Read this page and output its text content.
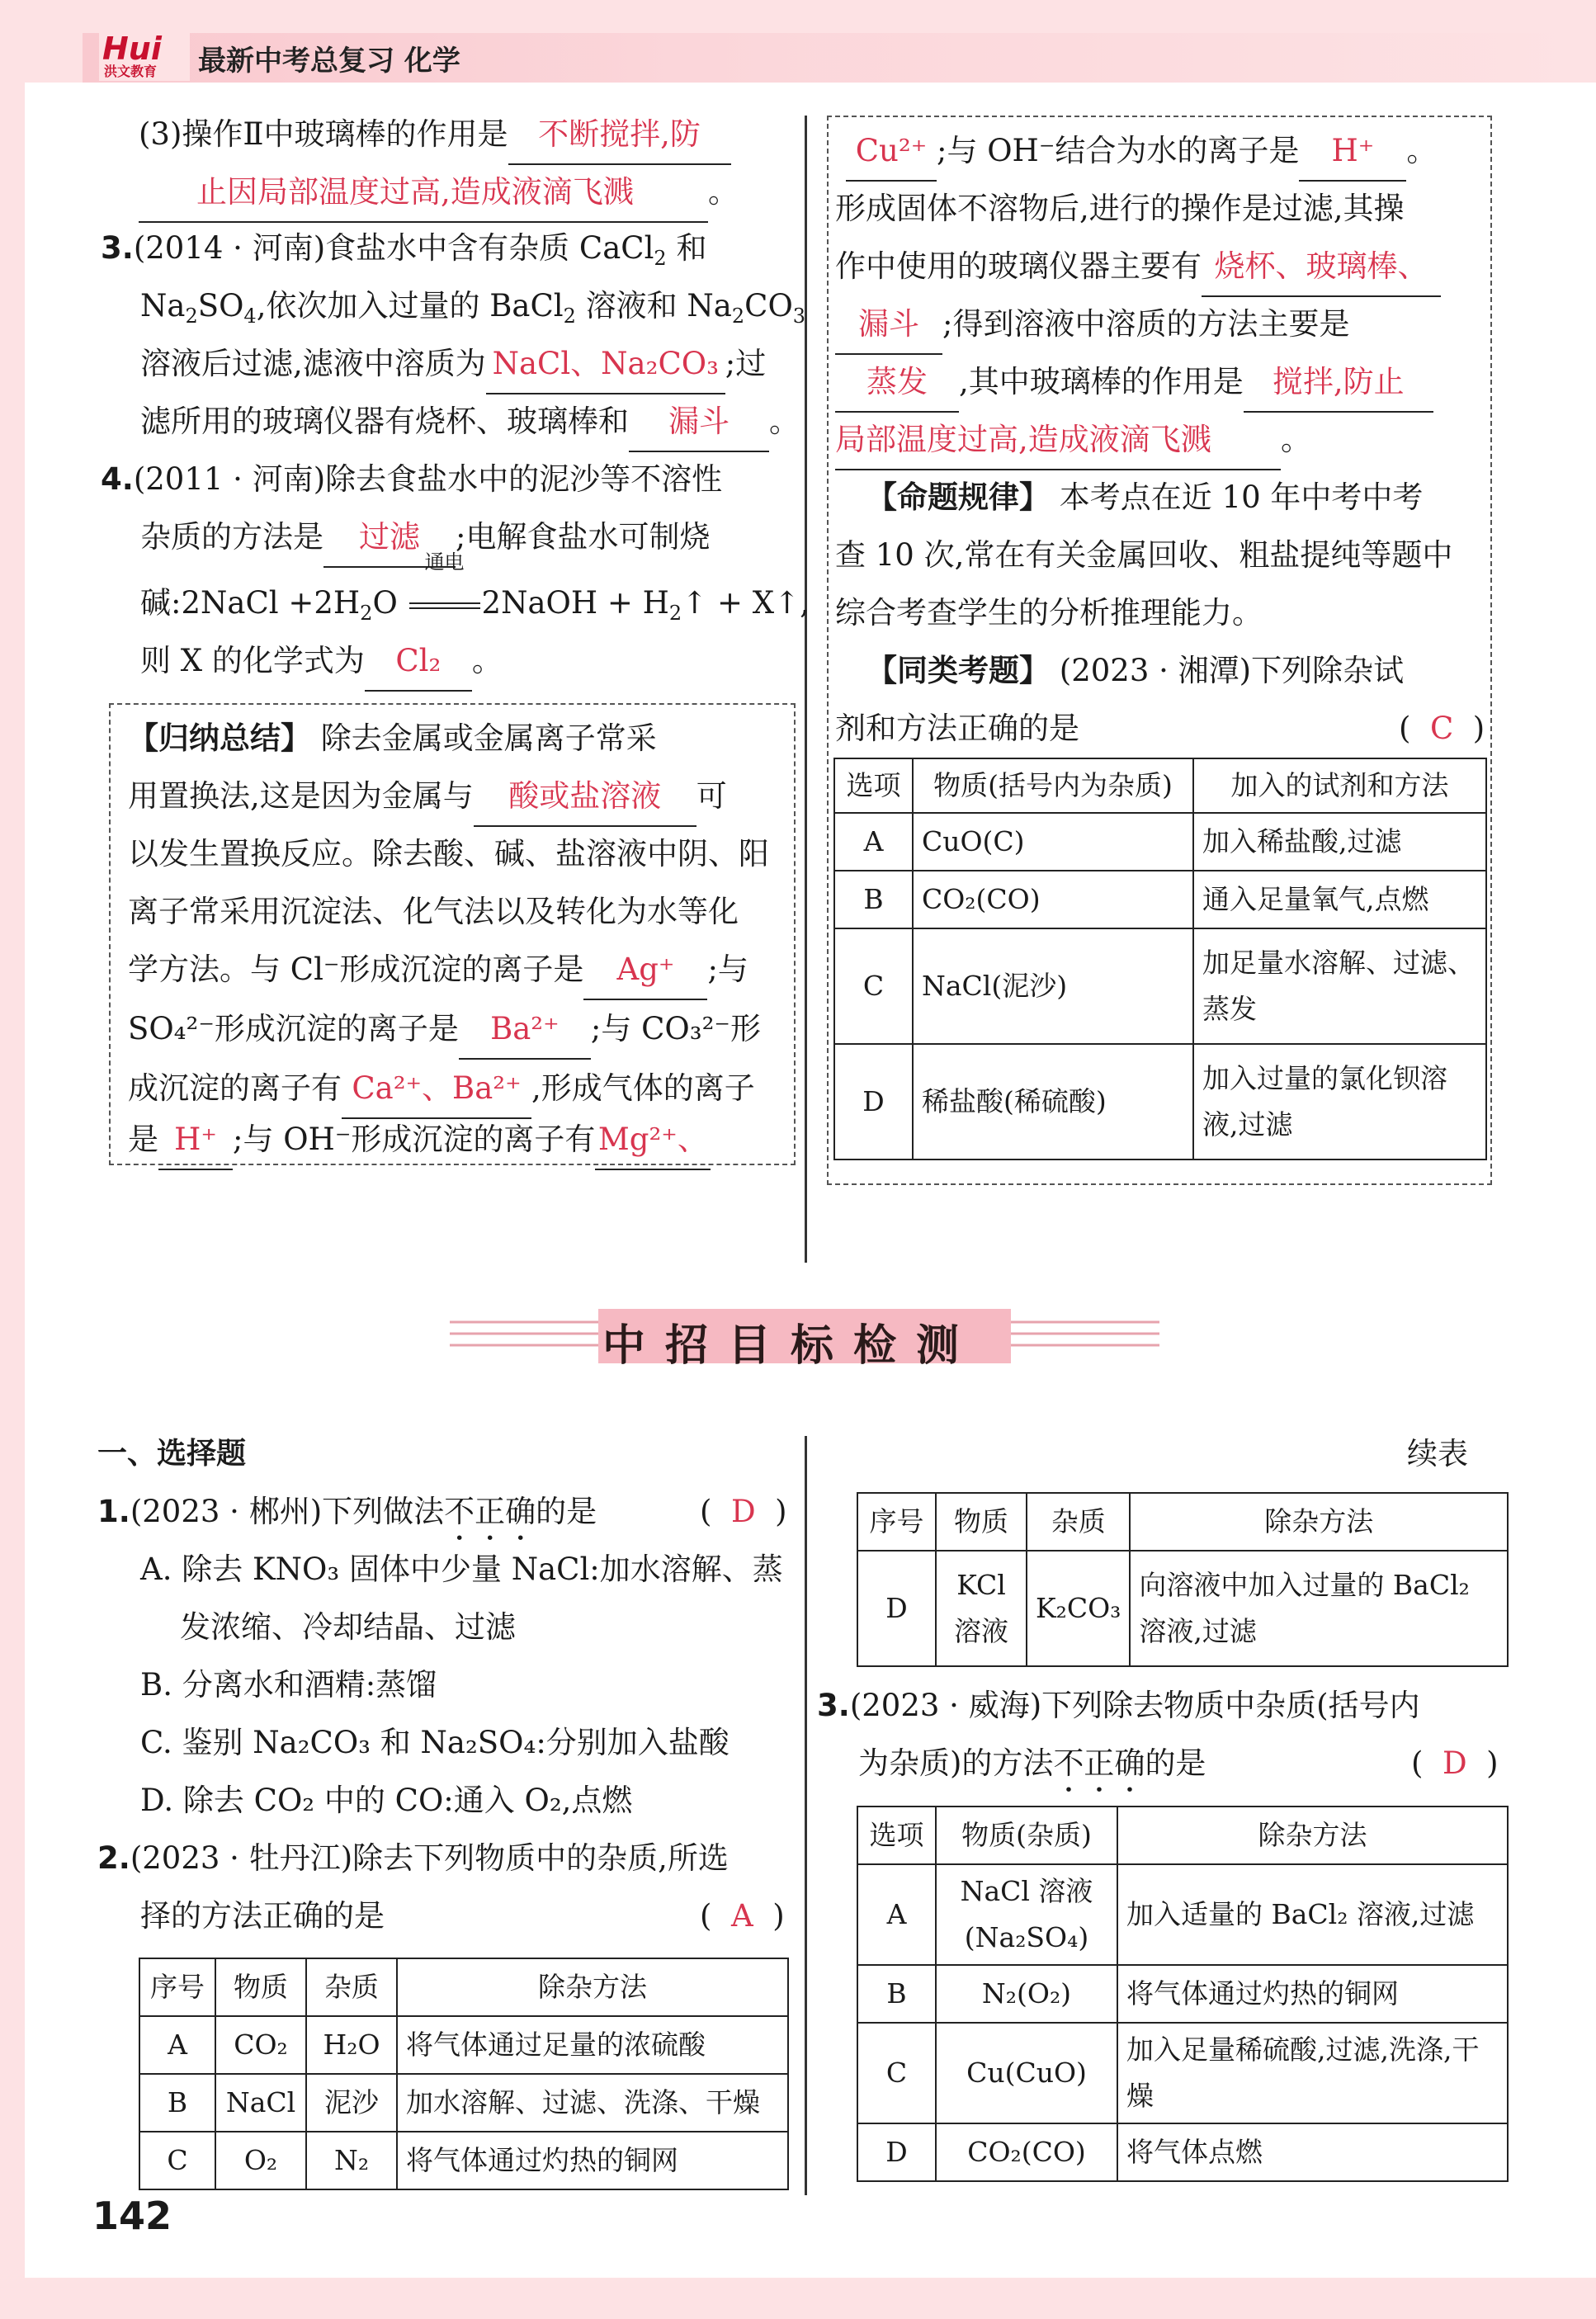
Hui
洪文教育 最新中考总复习 化学
(3)操作Ⅱ中玻璃棒的作用是 不断搅拌,防
止因局部温度过高,造成液滴飞溅 。
3.(2014 · 河南)食盐水中含有杂质 CaCl$_2$ 和
$Na_2SO_4$,依次加入过量的 BaCl$_2$ 溶液和 $Na_2CO_3$
溶液后过滤,滤液中溶质为 NaCl、Na₂CO₃ ;过
滤所用的玻璃仪器有烧杯、玻璃棒和 漏斗 。
4.(2011 · 河南)除去食盐水中的泥沙等不溶性
杂质的方法是 过滤 ;电解食盐水可制烧
碱:2NaCl $+2H_2O$
通电
2NaOH + $H_2↑$ + X↑,
则 X 的化学式为 Cl₂ 。
【归纳总结】 除去金属或金属离子常采
用置换法,这是因为金属与 酸或盐溶液 可
以发生置换反应。除去酸、碱、盐溶液中阴、阳
离子常采用沉淀法、化气法以及转化为水等化
学方法。与 Cl⁻形成沉淀的离子是 Ag⁺ ;与
SO₄²⁻形成沉淀的离子是 Ba²⁺ ;与 CO₃²⁻形
成沉淀的离子有 Ca²⁺、Ba²⁺ ,形成气体的离子
是 H⁺ ;与 OH⁻形成沉淀的离子有Mg²⁺、
Cu²⁺ ;与 OH⁻结合为水的离子是 H⁺ 。
形成固体不溶物后,进行的操作是过滤,其操
作中使用的玻璃仪器主要有 烧杯、玻璃棒、
漏斗 ;得到溶液中溶质的方法主要是
蒸发 ,其中玻璃棒的作用是 搅拌,防止
局部温度过高,造成液滴飞溅 。
【命题规律】 本考点在近 10 年中考中考
查 10 次,常在有关金属回收、粗盐提纯等题中
综合考查学生的分析推理能力。
【同类考题】 (2023 · 湘潭)下列除杂试
剂和方法正确的是	(  C  )
选项	物质(括号内为杂质)	加入的试剂和方法
A	CuO(C)	加入稀盐酸,过滤
B	CO₂(CO)	通入足量氧气,点燃
C	NaCl(泥沙)	加足量水溶解、过滤、蒸发
D	稀盐酸(稀硫酸)	加入过量的氯化钡溶液,过滤
中招目标检测
一、选择题
1.(2023 · 郴州)下列做法不正确的是	(  D  )
A. 除去 KNO₃ 固体中少量 NaCl:加水溶解、蒸
发浓缩、冷却结晶、过滤
B. 分离水和酒精:蒸馏
C. 鉴别 Na₂CO₃ 和 Na₂SO₄:分别加入盐酸
D. 除去 CO₂ 中的 CO:通入 O₂,点燃
2.(2023 · 牡丹江)除去下列物质中的杂质,所选
择的方法正确的是	(  A  )
序号	物质	杂质	除杂方法
A	CO₂	H₂O	将气体通过足量的浓硫酸
B	NaCl	泥沙	加水溶解、过滤、洗涤、干燥
C	O₂	N₂	将气体通过灼热的铜网
续表
序号	物质	杂质	除杂方法
D	KCl溶液	K₂CO₃	向溶液中加入过量的 BaCl₂ 溶液,过滤
3.(2023 · 威海)下列除去物质中杂质(括号内
为杂质)的方法不正确的是	(  D  )
选项	物质(杂质)	除杂方法
A	NaCl 溶液(Na₂SO₄)	加入适量的 BaCl₂ 溶液,过滤
B	N₂(O₂)	将气体通过灼热的铜网
C	Cu(CuO)	加入足量稀硫酸,过滤,洗涤,干燥
D	CO₂(CO)	将气体点燃
142
